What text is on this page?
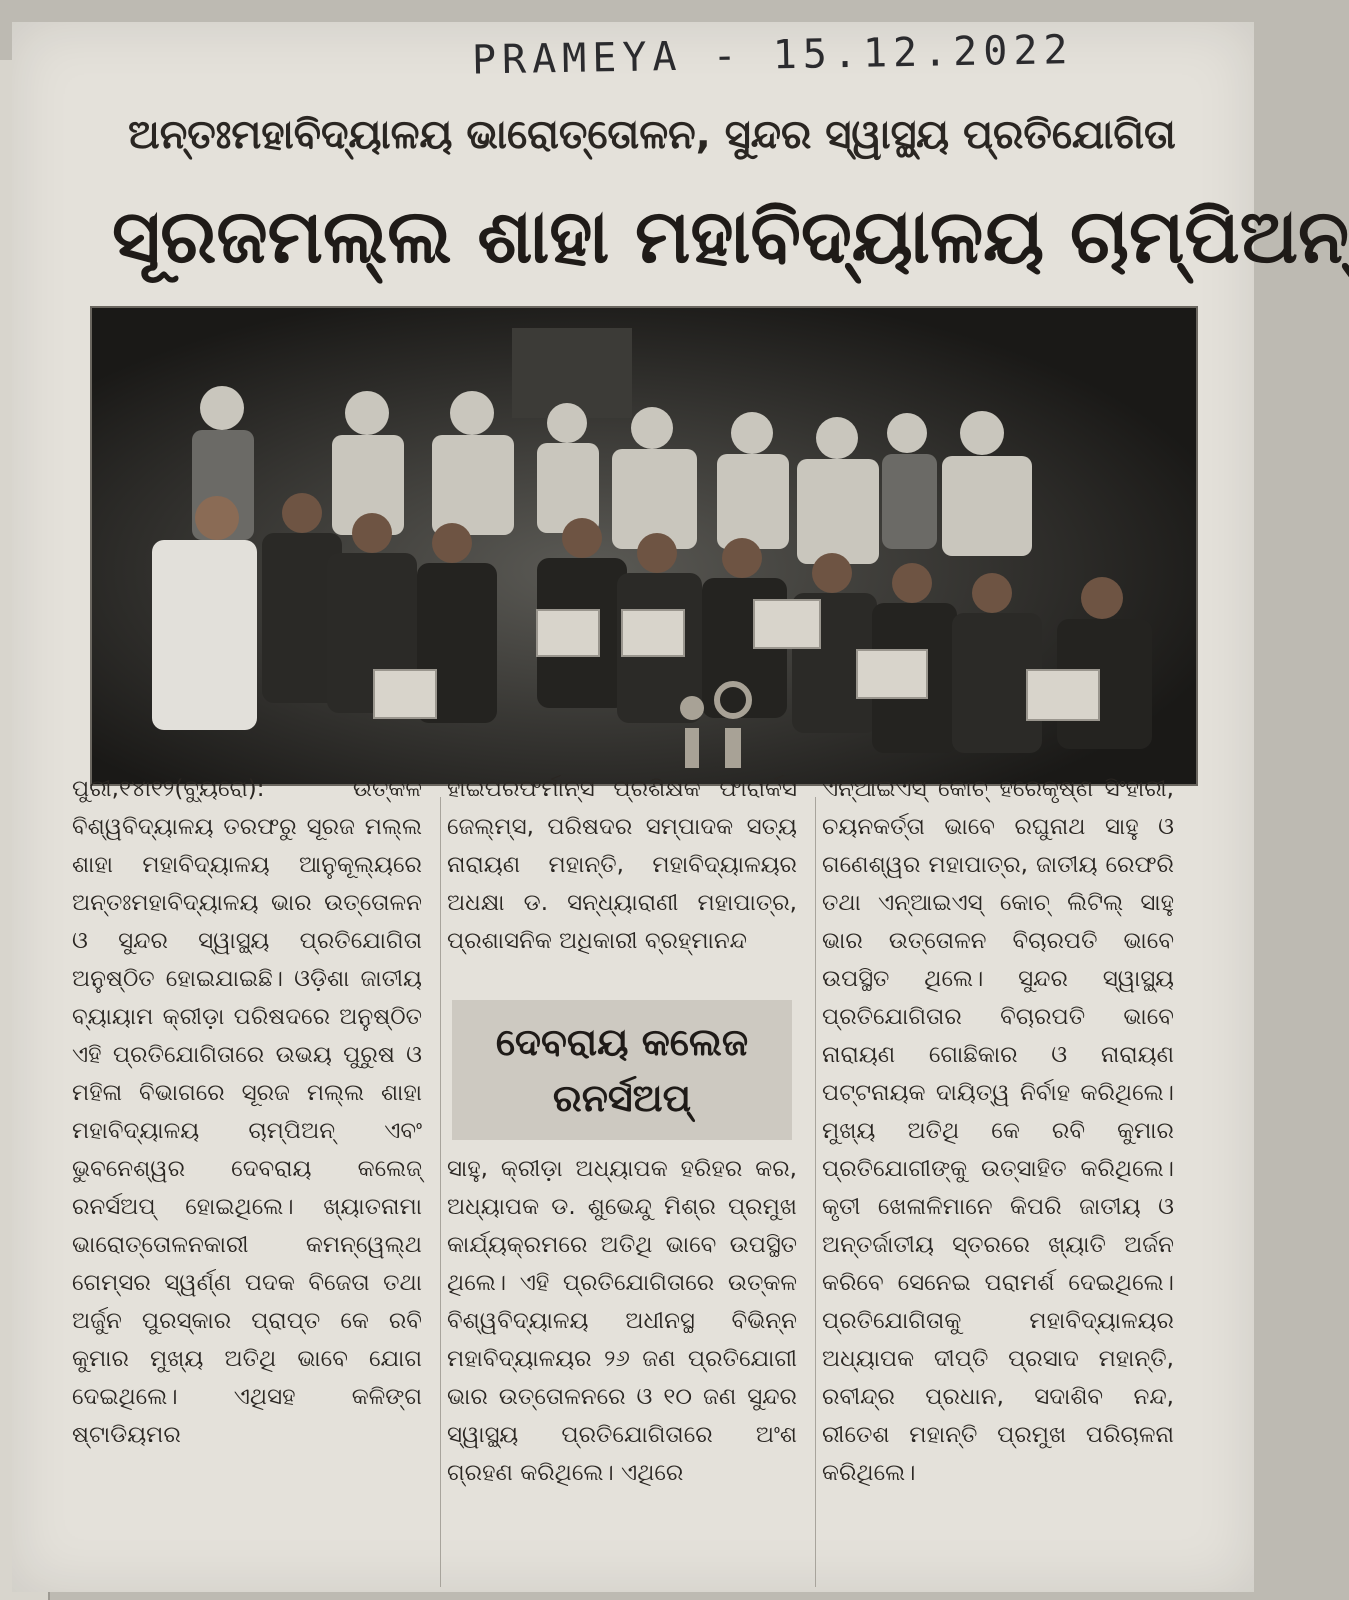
PRAMEYA - 15.12.2022
ଅନ୍ତଃମହାବିଦ୍ୟାଳୟ ଭାରୋତ୍ତୋଳନ, ସୁନ୍ଦର ସ୍ୱାସ୍ଥ୍ୟ ପ୍ରତିଯୋଗିତା
ସୂରଜମଲ୍ଲ ଶାହା ମହାବିଦ୍ୟାଳୟ ଚାମ୍ପିଅନ୍
ପୁରୀ,୧୪ା୧୨(ବ୍ୟୁରୋ): ଉତ୍କଳ ବିଶ୍ୱବିଦ୍ୟାଳୟ ତରଫରୁ ସୂରଜ ମଲ୍ଲ ଶାହା ମହାବିଦ୍ୟାଳୟ ଆନୁକୂଲ୍ୟରେ ଅନ୍ତଃମହାବିଦ୍ୟାଳୟ ଭାର ଉତ୍ତୋଳନ ଓ ସୁନ୍ଦର ସ୍ୱାସ୍ଥ୍ୟ ପ୍ରତିଯୋଗିତା ଅନୁଷ୍ଠିତ ହୋଇଯାଇଛି। ଓଡ଼ିଶା ଜାତୀୟ ବ୍ୟାୟାମ କ୍ରୀଡ଼ା ପରିଷଦରେ ଅନୁଷ୍ଠିତ ଏହି ପ୍ରତିଯୋଗିତାରେ ଉଭୟ ପୁରୁଷ ଓ ମହିଳା ବିଭାଗରେ ସୂରଜ ମଲ୍ଲ ଶାହା ମହାବିଦ୍ୟାଳୟ ଚାମ୍ପିଅନ୍ ଏବଂ ଭୁବନେଶ୍ୱର ଦେବରାୟ କଲେଜ୍ ରନର୍ସଅପ୍ ହୋଇଥିଲେ। ଖ୍ୟାତନାମା ଭାରୋତ୍ତୋଳନକାରୀ କମନ୍‌ୱେଲ୍‌ଥ ଗେମ୍ସର ସ୍ୱର୍ଣ୍ଣ ପଦକ ବିଜେତା ତଥା ଅର୍ଜୁନ ପୁରସ୍କାର ପ୍ରାପ୍ତ କେ ରବି କୁମାର ମୁଖ୍ୟ ଅତିଥି ଭାବେ ଯୋଗ ଦେଇଥିଲେ। ଏଥିସହ କଳିଙ୍ଗ ଷ୍ଟାଡିୟମର
ହାଇପରଫର୍ମାନ୍ସ ପ୍ରଶିକ୍ଷକ ଫାରାର୍କସ ଜେଲ୍‌ମ୍ସ, ପରିଷଦର ସମ୍ପାଦକ ସତ୍ୟ ନାରାୟଣ ମହାନ୍ତି, ମହାବିଦ୍ୟାଳୟର ଅଧକ୍ଷା ଡ. ସନ୍ଧ୍ୟାରାଣୀ ମହାପାତ୍ର, ପ୍ରଶାସନିକ ଅଧିକାରୀ ବ୍ରହ୍ମାନନ୍ଦ
ଦେବରାୟ କଲେଜ
ରନର୍ସଅପ୍
ସାହୁ, କ୍ରୀଡ଼ା ଅଧ୍ୟାପକ ହରିହର କର, ଅଧ୍ୟାପକ ଡ. ଶୁଭେନ୍ଦୁ ମିଶ୍ର ପ୍ରମୁଖ କାର୍ଯ୍ୟକ୍ରମରେ ଅତିଥି ଭାବେ ଉପସ୍ଥିତ ଥିଲେ। ଏହି ପ୍ରତିଯୋଗିତାରେ ଉତ୍କଳ ବିଶ୍ୱବିଦ୍ୟାଳୟ ଅଧୀନସ୍ଥ ବିଭିନ୍ନ ମହାବିଦ୍ୟାଳୟର ୨୬ ଜଣ ପ୍ରତିଯୋଗୀ ଭାର ଉତ୍ତୋଳନରେ ଓ ୧୦ ଜଣ ସୁନ୍ଦର ସ୍ୱାସ୍ଥ୍ୟ ପ୍ରତିଯୋଗିତାରେ ଅଂଶ ଗ୍ରହଣ କରିଥିଲେ। ଏଥିରେ
ଏନ୍‌ଆଇଏସ୍ କୋଚ୍ ହରେକୃଷ୍ଣ ସିଂହାରୀ, ଚୟନକର୍ତ୍ତା ଭାବେ ରଘୁନାଥ ସାହୁ ଓ ଗଣେଶ୍ୱର ମହାପାତ୍ର, ଜାତୀୟ ରେଫରି ତଥା ଏନ୍‌ଆଇଏସ୍ କୋଚ୍ ଲିଟିଲ୍ ସାହୁ ଭାର ଉତ୍ତୋଳନ ବିଚାରପତି ଭାବେ ଉପସ୍ଥିତ ଥିଲେ। ସୁନ୍ଦର ସ୍ୱାସ୍ଥ୍ୟ ପ୍ରତିଯୋଗିତାର ବିଚାରପତି ଭାବେ ନାରାୟଣ ଗୋଛିକାର ଓ ନାରାୟଣ ପଟ୍ଟନାୟକ ଦାୟିତ୍ୱ ନିର୍ବାହ କରିଥିଲେ। ମୁଖ୍ୟ ଅତିଥି କେ ରବି କୁମାର ପ୍ରତିଯୋଗୀଙ୍କୁ ଉତ୍ସାହିତ କରିଥିଲେ। କୃତୀ ଖେଳାଳିମାନେ କିପରି ଜାତୀୟ ଓ ଅନ୍ତର୍ଜାତୀୟ ସ୍ତରରେ ଖ୍ୟାତି ଅର୍ଜନ କରିବେ ସେନେଇ ପରାମର୍ଶ ଦେଇଥିଲେ। ପ୍ରତିଯୋଗିତାକୁ ମହାବିଦ୍ୟାଳୟର ଅଧ୍ୟାପକ ଦୀପ୍ତି ପ୍ରସାଦ ମହାନ୍ତି, ରବୀନ୍ଦ୍ର ପ୍ରଧାନ, ସଦାଶିବ ନନ୍ଦ, ରୀତେଶ ମହାନ୍ତି ପ୍ରମୁଖ ପରିଚାଳନା କରିଥିଲେ।
